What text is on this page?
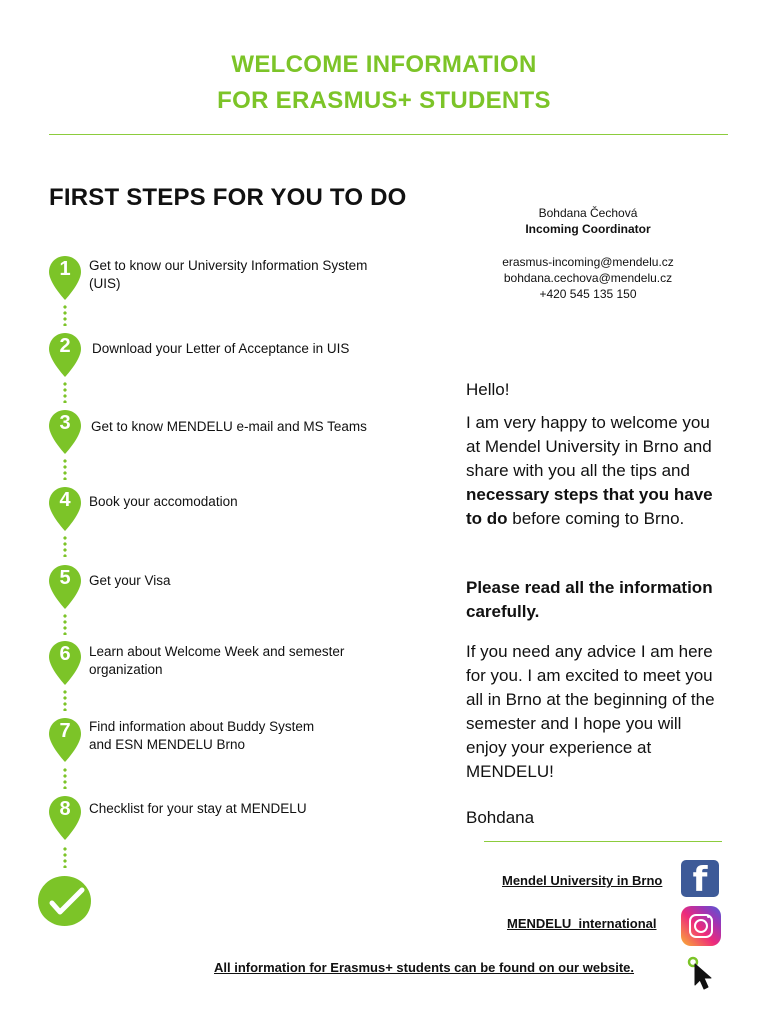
WELCOME INFORMATION
FOR ERASMUS+ STUDENTS
FIRST STEPS FOR YOU TO DO
1	Get to know our University Information System
(UIS)
2	Download your Letter of Acceptance in UIS
3	Get to know MENDELU e-mail and MS Teams
4	Book your accomodation
5	Get your Visa
6	Learn about Welcome Week and semester
organization
7	Find information about Buddy System
and ESN MENDELU Brno
8	Checklist for your stay at MENDELU
Bohdana Čechová
Incoming Coordinator
erasmus-incoming@mendelu.cz
bohdana.cechova@mendelu.cz
+420 545 135 150
Hello!
I am very happy to welcome you at Mendel University in Brno and share with you all the tips and necessary steps that you have to do before coming to Brno.
Please read all the information carefully.
If you need any advice I am here for you. I am excited to meet you all in Brno at the beginning of the semester and I hope you will enjoy your experience at MENDELU!
Bohdana
Mendel University in Brno f
MENDELU_international
All information for Erasmus+ students can be found on our website.
